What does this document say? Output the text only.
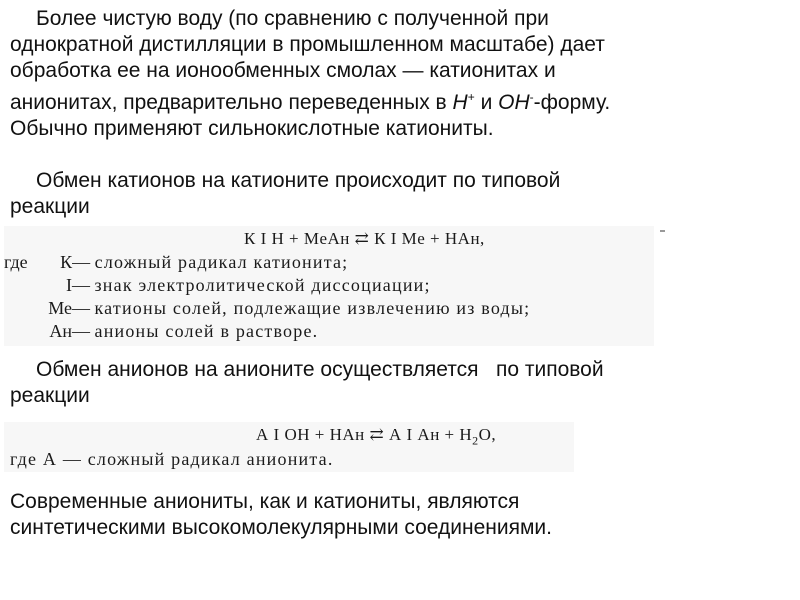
Более чистую воду (по сравнению с полученной при
однократной дистилляции в промышленном масштабе) дает
обработка ее на ионообменных смолах — катионитах и
анионитах, предварительно переведенных в H+ и OH--форму.
Обычно применяют сильнокислотные катиониты.

Обмен катионов на катионите происходит по типовой
реакции

К I H + MeАн ⇄ К I Me + HАн,
где К— сложный радикал катионита;
I— знак электролитической диссоциации;
Ме— катионы солей, подлежащие извлечению из воды;
Ан— анионы солей в растворе.

Обмен анионов на анионите осуществляется   по типовой
реакции

А I OH + HАн ⇄ А I Ан + $H_2O$,
где А — сложный радикал анионита.

Современные аниониты, как и катиониты, являются
синтетическими высокомолекулярными соединениями.
